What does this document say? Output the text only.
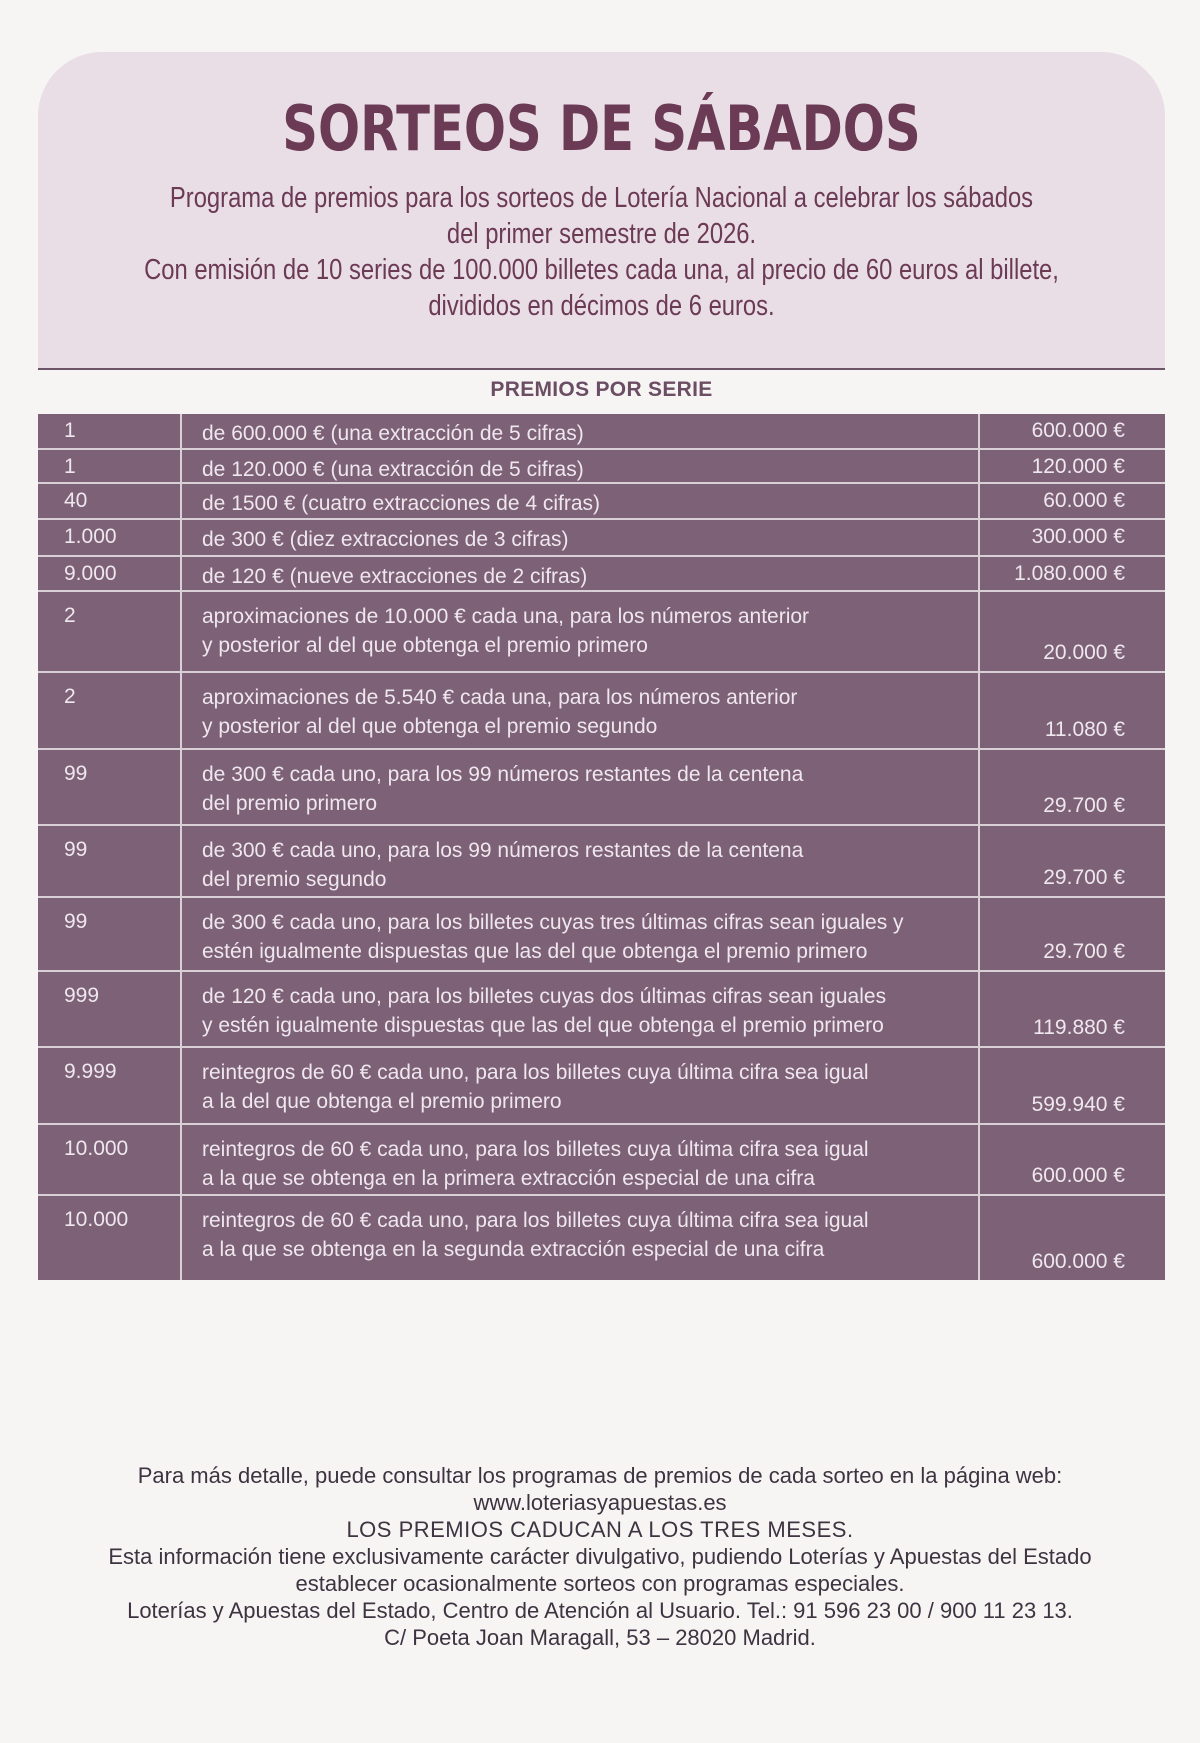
SORTEOS DE SÁBADOS
Programa de premios para los sorteos de Lotería Nacional a celebrar los sábados
del primer semestre de 2026.
Con emisión de 10 series de 100.000 billetes cada una, al precio de 60 euros al billete,
divididos en décimos de 6 euros.
PREMIOS POR SERIE
1	de 600.000 € (una extracción de 5 cifras)	600.000 €
1	de 120.000 € (una extracción de 5 cifras)	120.000 €
40	de 1500 € (cuatro extracciones de 4 cifras)	60.000 €
1.000	de 300 € (diez extracciones de 3 cifras)	300.000 €
9.000	de 120 € (nueve extracciones de 2 cifras)	1.080.000 €
2	aproximaciones de 10.000 € cada una, para los números anterior
y posterior al del que obtenga el premio primero	20.000 €
2	aproximaciones de 5.540 € cada una, para los números anterior
y posterior al del que obtenga el premio segundo	11.080 €
99	de 300 € cada uno, para los 99 números restantes de la centena
del premio primero	29.700 €
99	de 300 € cada uno, para los 99 números restantes de la centena
del premio segundo	29.700 €
99	de 300 € cada uno, para los billetes cuyas tres últimas cifras sean iguales y
estén igualmente dispuestas que las del que obtenga el premio primero	29.700 €
999	de 120 € cada uno, para los billetes cuyas dos últimas cifras sean iguales
y estén igualmente dispuestas que las del que obtenga el premio primero	119.880 €
9.999	reintegros de 60 € cada uno, para los billetes cuya última cifra sea igual
a la del que obtenga el premio primero	599.940 €
10.000	reintegros de 60 € cada uno, para los billetes cuya última cifra sea igual
a la que se obtenga en la primera extracción especial de una cifra	600.000 €
10.000	reintegros de 60 € cada uno, para los billetes cuya última cifra sea igual
a la que se obtenga en la segunda extracción especial de una cifra
600.000 €
Para más detalle, puede consultar los programas de premios de cada sorteo en la página web:
www.loteriasyapuestas.es
LOS PREMIOS CADUCAN A LOS TRES MESES.
Esta información tiene exclusivamente carácter divulgativo, pudiendo Loterías y Apuestas del Estado
establecer ocasionalmente sorteos con programas especiales.
Loterías y Apuestas del Estado, Centro de Atención al Usuario. Tel.: 91 596 23 00 / 900 11 23 13.
C/ Poeta Joan Maragall, 53 – 28020 Madrid.
